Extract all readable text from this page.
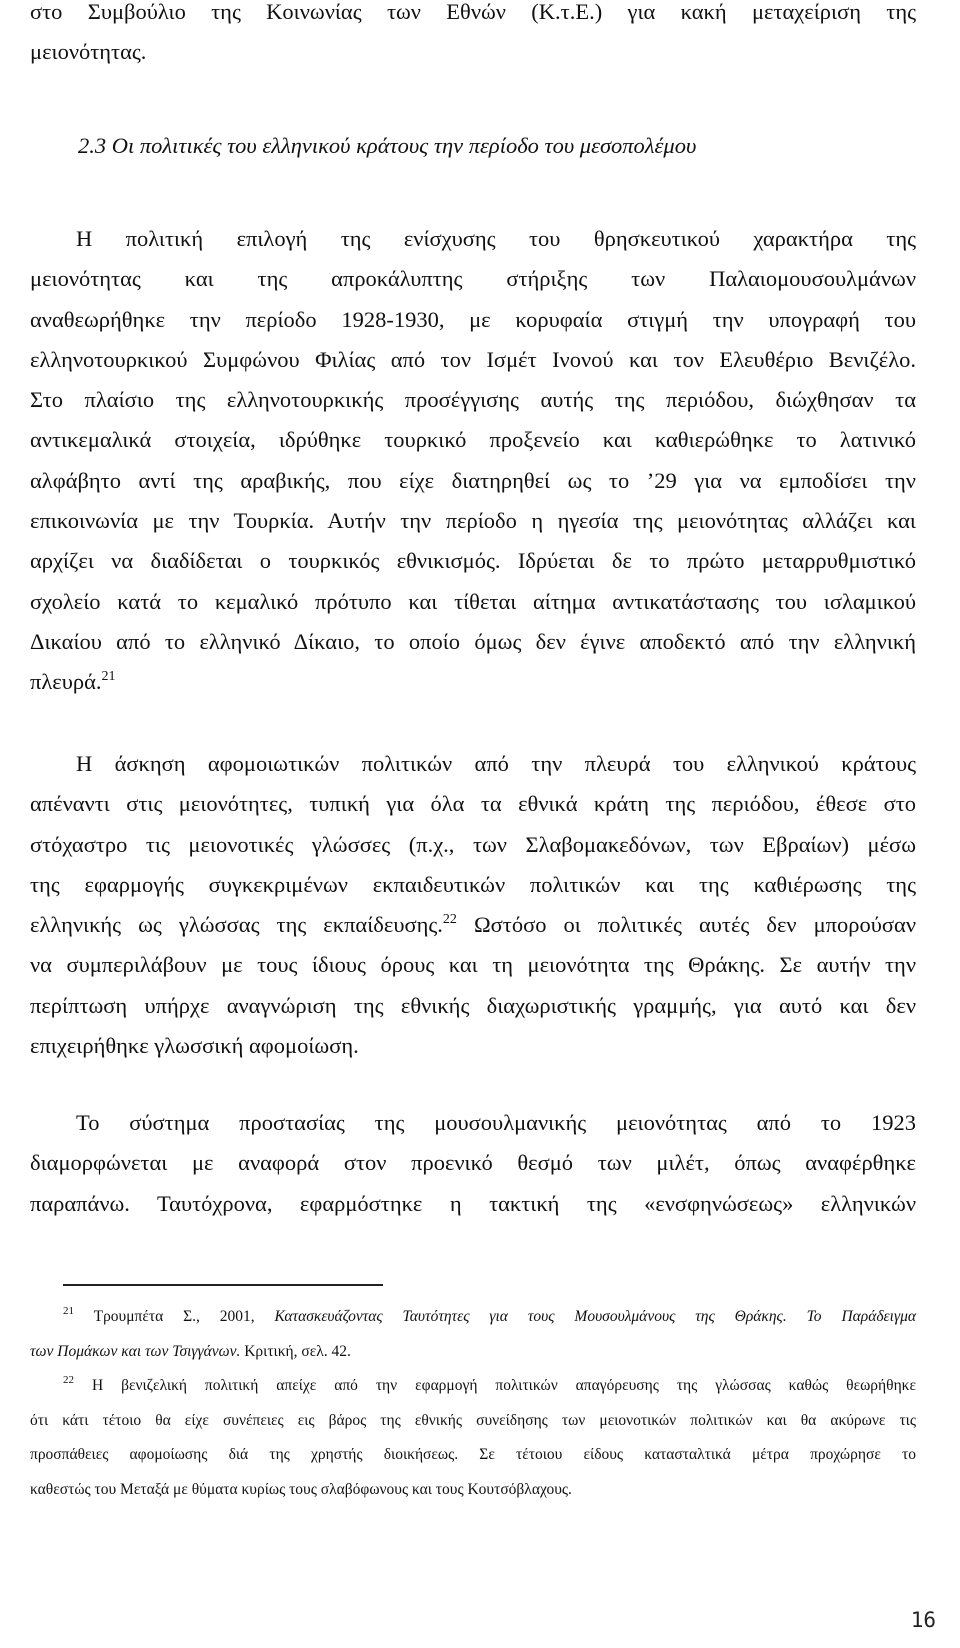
στο Συμβούλιο της Κοινωνίας των Εθνών (Κ.τ.Ε.) για κακή μεταχείριση της
μειονότητας.
Η πολιτική επιλογή της ενίσχυσης του θρησκευτικού χαρακτήρα της
μειονότητας και της απροκάλυπτης στήριξης των Παλαιομουσουλμάνων
αναθεωρήθηκε την περίοδο 1928-1930, με κορυφαία στιγμή την υπογραφή του
ελληνοτουρκικού Συμφώνου Φιλίας από τον Ισμέτ Ινονού και τον Ελευθέριο Βενιζέλο.
Στο πλαίσιο της ελληνοτουρκικής προσέγγισης αυτής της περιόδου, διώχθησαν τα
αντικεμαλικά στοιχεία, ιδρύθηκε τουρκικό προξενείο και καθιερώθηκε το λατινικό
αλφάβητο αντί της αραβικής, που είχε διατηρηθεί ως το ’29 για να εμποδίσει την
επικοινωνία με την Τουρκία. Αυτήν την περίοδο η ηγεσία της μειονότητας αλλάζει και
αρχίζει να διαδίδεται ο τουρκικός εθνικισμός. Ιδρύεται δε το πρώτο μεταρρυθμιστικό
σχολείο κατά το κεμαλικό πρότυπο και τίθεται αίτημα αντικατάστασης του ισλαμικού
Δικαίου από το ελληνικό Δίκαιο, το οποίο όμως δεν έγινε αποδεκτό από την ελληνική
πλευρά.$^{21}$
Η άσκηση αφομοιωτικών πολιτικών από την πλευρά του ελληνικού κράτους
απέναντι στις μειονότητες, τυπική για όλα τα εθνικά κράτη της περιόδου, έθεσε στο
στόχαστρο τις μειονοτικές γλώσσες (π.χ., των Σλαβομακεδόνων, των Εβραίων) μέσω
της εφαρμογής συγκεκριμένων εκπαιδευτικών πολιτικών και της καθιέρωσης της
ελληνικής ως γλώσσας της εκπαίδευσης.$^{22}$ Ωστόσο οι πολιτικές αυτές δεν μπορούσαν
να συμπεριλάβουν με τους ίδιους όρους και τη μειονότητα της Θράκης. Σε αυτήν την
περίπτωση υπήρχε αναγνώριση της εθνικής διαχωριστικής γραμμής, για αυτό και δεν
επιχειρήθηκε γλωσσική αφομοίωση.
Το σύστημα προστασίας της μουσουλμανικής μειονότητας από το 1923
διαμορφώνεται με αναφορά στον προενικό θεσμό των μιλέτ, όπως αναφέρθηκε
παραπάνω. Ταυτόχρονα, εφαρμόστηκε η τακτική της «ενσφηνώσεως» ελληνικών
2.3 Οι πολιτικές του ελληνικού κράτους την περίοδο του μεσοπολέμου
$^{21}$ Τρουμπέτα Σ., 2001, Κατασκευάζοντας Ταυτότητες για τους Μουσουλμάνους της Θράκης. Το Παράδειγμα
των Πομάκων και των Τσιγγάνων. Κριτική, σελ. 42.
$^{22}$ Η βενιζελική πολιτική απείχε από την εφαρμογή πολιτικών απαγόρευσης της γλώσσας καθώς θεωρήθηκε
ότι κάτι τέτοιο θα είχε συνέπειες εις βάρος της εθνικής συνείδησης των μειονοτικών πολιτικών και θα ακύρωνε τις
προσπάθειες αφομοίωσης διά της χρηστής διοικήσεως. Σε τέτοιου είδους κατασταλτικά μέτρα προχώρησε το
καθεστώς του Μεταξά με θύματα κυρίως τους σλαβόφωνους και τους Κουτσόβλαχους.
16
